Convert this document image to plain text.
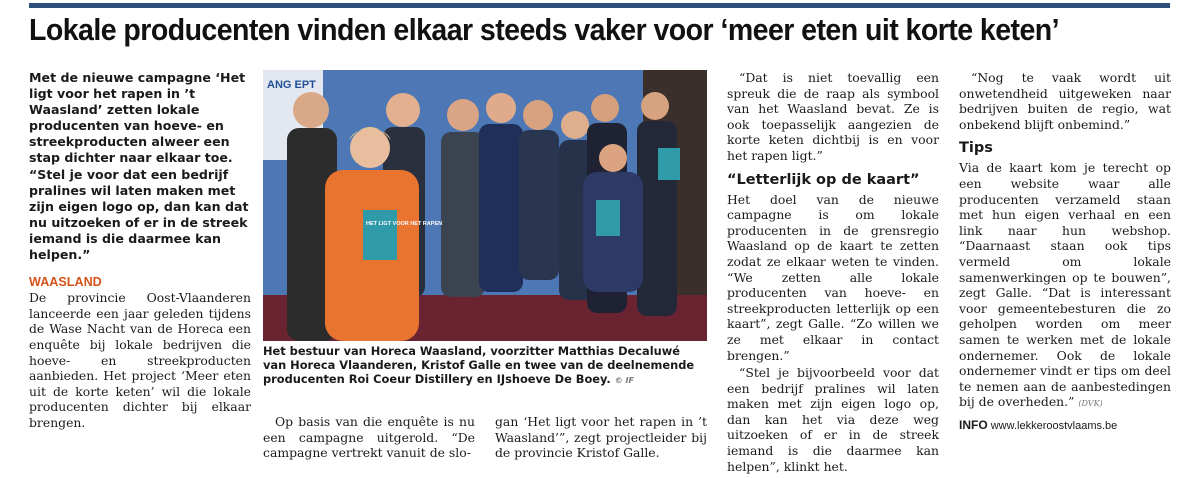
Lokale producenten vinden elkaar steeds vaker voor ‘meer eten uit korte keten’

Met de nieuwe campagne ‘Het ligt voor het rapen in ’t Waasland’ zetten lokale producenten van hoeve- en streekproducten alweer een stap dichter naar elkaar toe. “Stel je voor dat een bedrijf pralines wil laten maken met zijn eigen logo op, dan kan dat nu uitzoeken of er in de streek iemand is die daarmee kan helpen.”

WAASLAND

De provincie Oost-Vlaanderen lanceerde een jaar geleden tijdens de Wase Nacht van de Horeca een enquête bij lokale bedrijven die hoeve- en streekproducten aanbieden. Het project ‘Meer eten uit de korte keten’ wil die lokale producenten dichter bij elkaar brengen.

ANG EPT
HET LIGT VOOR HET RAPEN
Het bestuur van Horeca Waasland, voorzitter Matthias Decaluwé van Horeca Vlaanderen, Kristof Galle en twee van de deelnemende producenten Roi Coeur Distillery en IJshoeve De Boey. © IF

Op basis van die enquête is nu een campagne uitgerold. “De campagne vertrekt vanuit de slo-

gan ‘Het ligt voor het rapen in ’t Waasland’”, zegt projectleider bij de provincie Kristof Galle.

“Dat is niet toevallig een spreuk die de raap als symbool van het Waasland bevat. Ze is ook toepasselijk aangezien de korte keten dichtbij is en voor het rapen ligt.”

“Letterlijk op de kaart”

Het doel van de nieuwe campagne is om lokale producenten in de grensregio Waasland op de kaart te zetten zodat ze elkaar weten te vinden. “We zetten alle lokale producenten van hoeve- en streekproducten letterlijk op een kaart”, zegt Galle. “Zo willen we ze met elkaar in contact brengen.”

“Stel je bijvoorbeeld voor dat een bedrijf pralines wil laten maken met zijn eigen logo op, dan kan het via deze weg uitzoeken of er in de streek iemand is die daarmee kan helpen”, klinkt het.

“Nog te vaak wordt uit onwetendheid uitgeweken naar bedrijven buiten de regio, wat onbekend blijft onbemind.”

Tips

Via de kaart kom je terecht op een website waar alle producenten verzameld staan met hun eigen verhaal en een link naar hun webshop. “Daarnaast staan ook tips vermeld om lokale samenwerkingen op te bouwen”, zegt Galle. “Dat is interessant voor gemeentebesturen die zo geholpen worden om meer samen te werken met de lokale ondernemer. Ook de lokale ondernemer vindt er tips om deel te nemen aan de aanbestedingen bij de overheden.” (DVK)

INFO www.lekkeroostvlaams.be
